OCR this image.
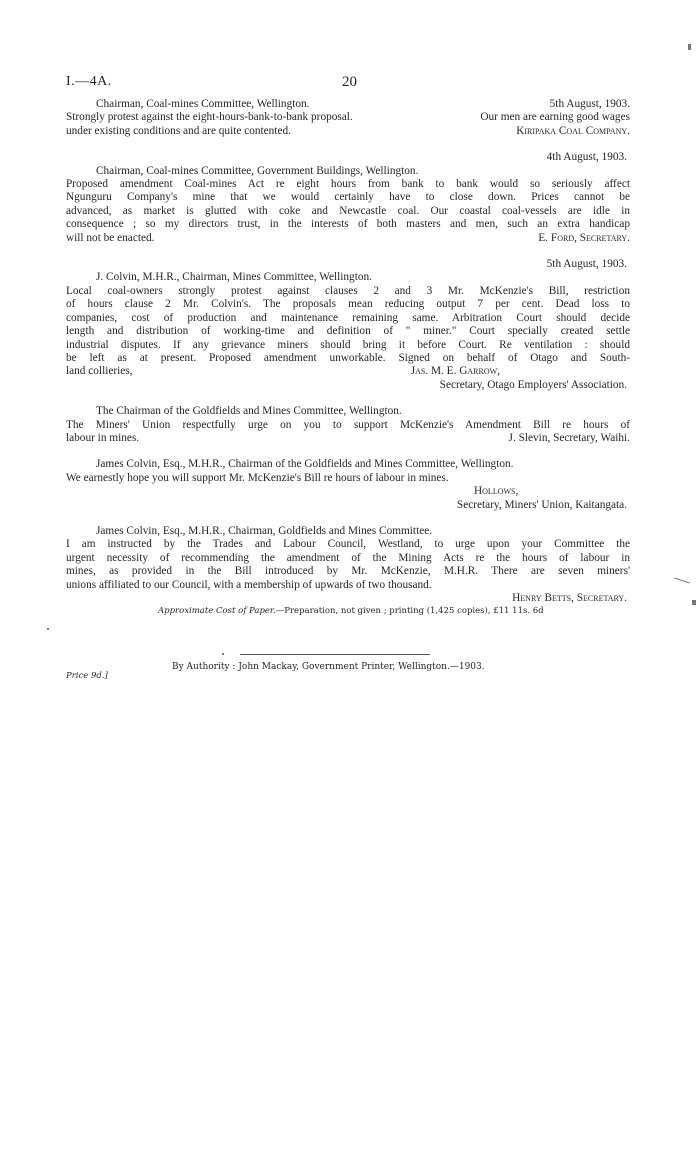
I.—4A.	20
Chairman, Coal-mines Committee, Wellington.	5th August, 1903.
Strongly protest against the eight-hours-bank-to-bank proposal.	Our men are earning good wages
under existing conditions and are quite contented.	Kiripaka Coal Company.
4th August, 1903.
Chairman, Coal-mines Committee, Government Buildings, Wellington.
Proposed amendment Coal-mines Act re eight hours from bank to bank would so seriously affect
Ngunguru Company's mine that we would certainly have to close down. Prices cannot be
advanced, as market is glutted with coke and Newcastle coal. Our coastal coal-vessels are idle in
consequence ; so my directors trust, in the interests of both masters and men, such an extra handicap
will not be enacted.	E. Ford, Secretary.
5th August, 1903.
J. Colvin, M.H.R., Chairman, Mines Committee, Wellington.
Local coal-owners strongly protest against clauses 2 and 3 Mr. McKenzie's Bill, restriction
of hours clause 2 Mr. Colvin's. The proposals mean reducing output 7 per cent. Dead loss to
companies, cost of production and maintenance remaining same. Arbitration Court should decide
length and distribution of working-time and definition of " miner." Court specially created settle
industrial disputes. If any grievance miners should bring it before Court. Re ventilation : should
be left as at present. Proposed amendment unworkable. Signed on behalf of Otago and South-
land collieries,	Jas. M. E. Garrow,
Secretary, Otago Employers' Association.
The Chairman of the Goldfields and Mines Committee, Wellington.
The Miners' Union respectfully urge on you to support McKenzie's Amendment Bill re hours of
labour in mines.	J. Slevin, Secretary, Waihi.
James Colvin, Esq., M.H.R., Chairman of the Goldfields and Mines Committee, Wellington.
We earnestly hope you will support Mr. McKenzie's Bill re hours of labour in mines.
Hollows,
Secretary, Miners' Union, Kaitangata.
James Colvin, Esq., M.H.R., Chairman, Goldfields and Mines Committee.
I am instructed by the Trades and Labour Council, Westland, to urge upon your Committee the
urgent necessity of recommending the amendment of the Mining Acts re the hours of labour in
mines, as provided in the Bill introduced by Mr. McKenzie, M.H.R. There are seven miners'
unions affiliated to our Council, with a membership of upwards of two thousand.
Henry Betts, Secretary.
Approximate Cost of Paper.—Preparation, not given ; printing (1,425 copies), £11 11s. 6d
By Authority : John Mackay, Government Printer, Wellington.—1903.
Price 9d.]
